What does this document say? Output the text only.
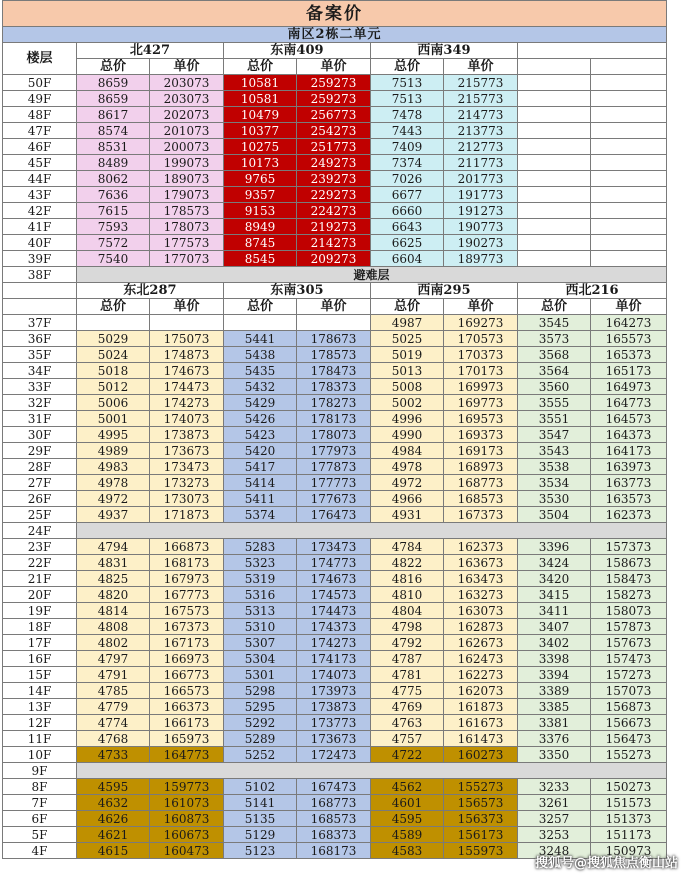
备案价								
南区2栋二单元								
楼层	北427		东南409		西南349			
	总价	单价	总价	单价	总价	单价		
50F	8659	203073	10581	259273	7513	215773		
49F	8659	203073	10581	259273	7513	215773		
48F	8617	202073	10479	256773	7478	214773		
47F	8574	201073	10377	254273	7443	213773		
46F	8531	200073	10275	251773	7409	212773		
45F	8489	199073	10173	249273	7374	211773		
44F	8062	189073	9765	239273	7026	201773		
43F	7636	179073	9357	229273	6677	191773		
42F	7615	178573	9153	224273	6660	191273		
41F	7593	178073	8949	219273	6643	190773		
40F	7572	177573	8745	214273	6625	190273		
39F	7540	177073	8545	209273	6604	189773		
38F	避难层							
	东北287		东南305		西南295		西北216	
	总价	单价	总价	单价	总价	单价	总价	单价
37F					4987	169273	3545	164273
36F	5029	175073	5441	178673	5025	170573	3573	165573
35F	5024	174873	5438	178573	5019	170373	3568	165373
34F	5018	174673	5435	178473	5013	170173	3564	165173
33F	5012	174473	5432	178373	5008	169973	3560	164973
32F	5006	174273	5429	178273	5002	169773	3555	164773
31F	5001	174073	5426	178173	4996	169573	3551	164573
30F	4995	173873	5423	178073	4990	169373	3547	164373
29F	4989	173673	5420	177973	4984	169173	3543	164173
28F	4983	173473	5417	177873	4978	168973	3538	163973
27F	4978	173273	5414	177773	4972	168773	3534	163773
26F	4972	173073	5411	177673	4966	168573	3530	163573
25F	4937	171873	5374	176473	4931	167373	3504	162373
24F								
23F	4794	166873	5283	173473	4784	162373	3396	157373
22F	4831	168173	5323	174773	4822	163673	3424	158673
21F	4825	167973	5319	174673	4816	163473	3420	158473
20F	4820	167773	5316	174573	4810	163273	3415	158273
19F	4814	167573	5313	174473	4804	163073	3411	158073
18F	4808	167373	5310	174373	4798	162873	3407	157873
17F	4802	167173	5307	174273	4792	162673	3402	157673
16F	4797	166973	5304	174173	4787	162473	3398	157473
15F	4791	166773	5301	174073	4781	162273	3394	157273
14F	4785	166573	5298	173973	4775	162073	3389	157073
13F	4779	166373	5295	173873	4769	161873	3385	156873
12F	4774	166173	5292	173773	4763	161673	3381	156673
11F	4768	165973	5289	173673	4757	161473	3376	156473
10F	4733	164773	5252	172473	4722	160273	3350	155273
9F								
8F	4595	159773	5102	167473	4562	155273	3233	150273
7F	4632	161073	5141	168773	4601	156573	3261	151573
6F	4626	160873	5135	168573	4595	156373	3257	151373
5F	4621	160673	5129	168373	4589	156173	3253	151173
4F	4615	160473	5123	168173	4583	155973	3248	150973
搜狐号@搜狐焦点衡山站
